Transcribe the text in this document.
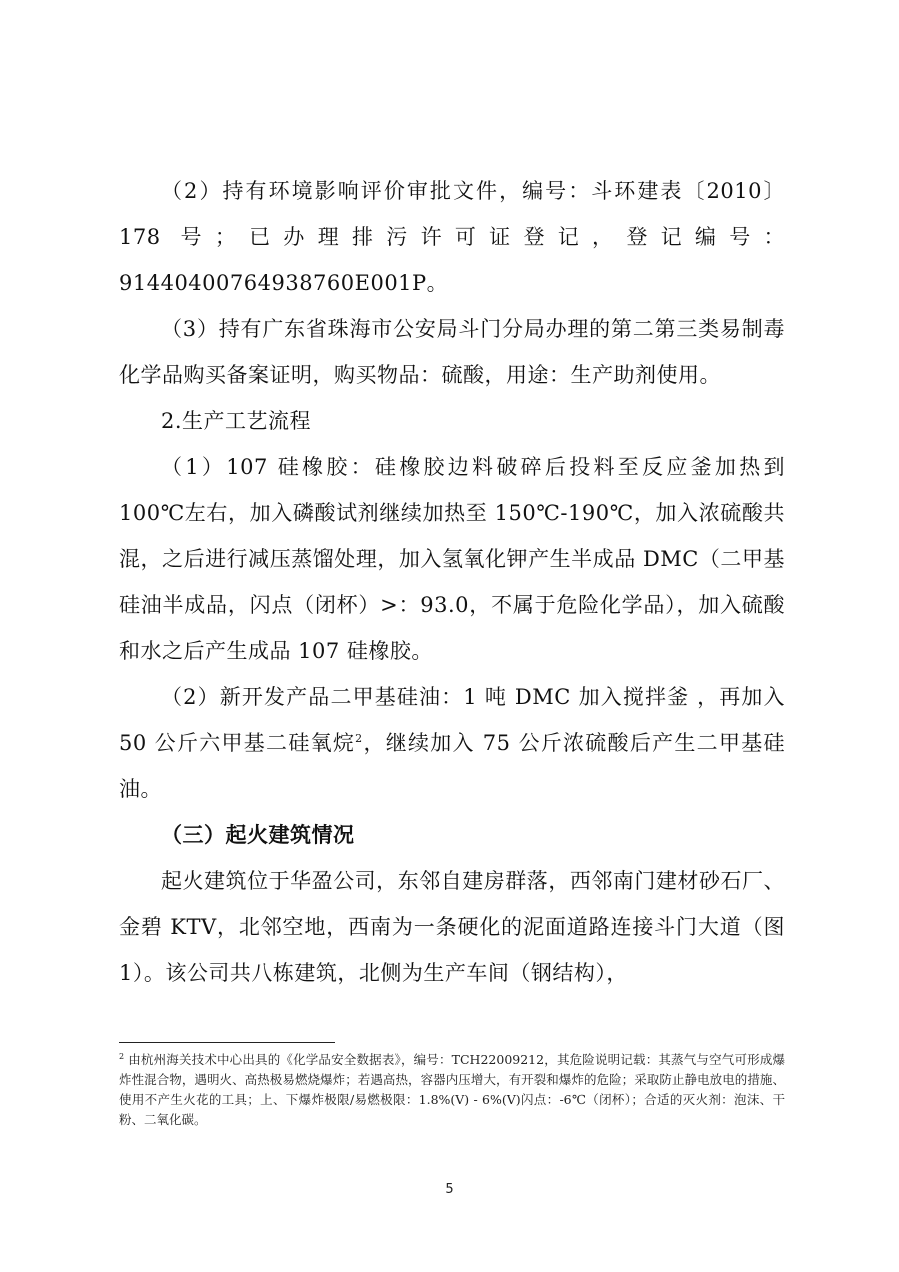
（2）持有环境影响评价审批文件，编号：斗环建表〔2010〕178 号；已办理排污许可证登记，登记编号：91440400764938760E001P。

（3）持有广东省珠海市公安局斗门分局办理的第二第三类易制毒化学品购买备案证明，购买物品：硫酸，用途：生产助剂使用。

2.生产工艺流程

（1）107 硅橡胶：硅橡胶边料破碎后投料至反应釜加热到 100℃左右，加入磷酸试剂继续加热至 150℃-190℃，加入浓硫酸共混，之后进行减压蒸馏处理，加入氢氧化钾产生半成品 DMC（二甲基硅油半成品，闪点（闭杯）>：93.0，不属于危险化学品），加入硫酸和水之后产生成品 107 硅橡胶。

（2）新开发产品二甲基硅油：1 吨 DMC 加入搅拌釜 ，再加入 50 公斤六甲基二硅氧烷$^2$，继续加入 75 公斤浓硫酸后产生二甲基硅油。

（三）起火建筑情况

起火建筑位于华盈公司，东邻自建房群落，西邻南门建材砂石厂、金碧 KTV，北邻空地，西南为一条硬化的泥面道路连接斗门大道（图 1）。该公司共八栋建筑，北侧为生产车间（钢结构），

$^2$ 由杭州海关技术中心出具的《化学品安全数据表》，编号：TCH22009212，其危险说明记载：其蒸气与空气可形成爆炸性混合物，遇明火、高热极易燃烧爆炸；若遇高热，容器内压增大，有开裂和爆炸的危险；采取防止静电放电的措施、使用不产生火花的工具；上、下爆炸极限/易燃极限：1.8%(V) - 6%(V)闪点：-6℃（闭杯）；合适的灭火剂：泡沫、干粉、二氧化碳。
5
